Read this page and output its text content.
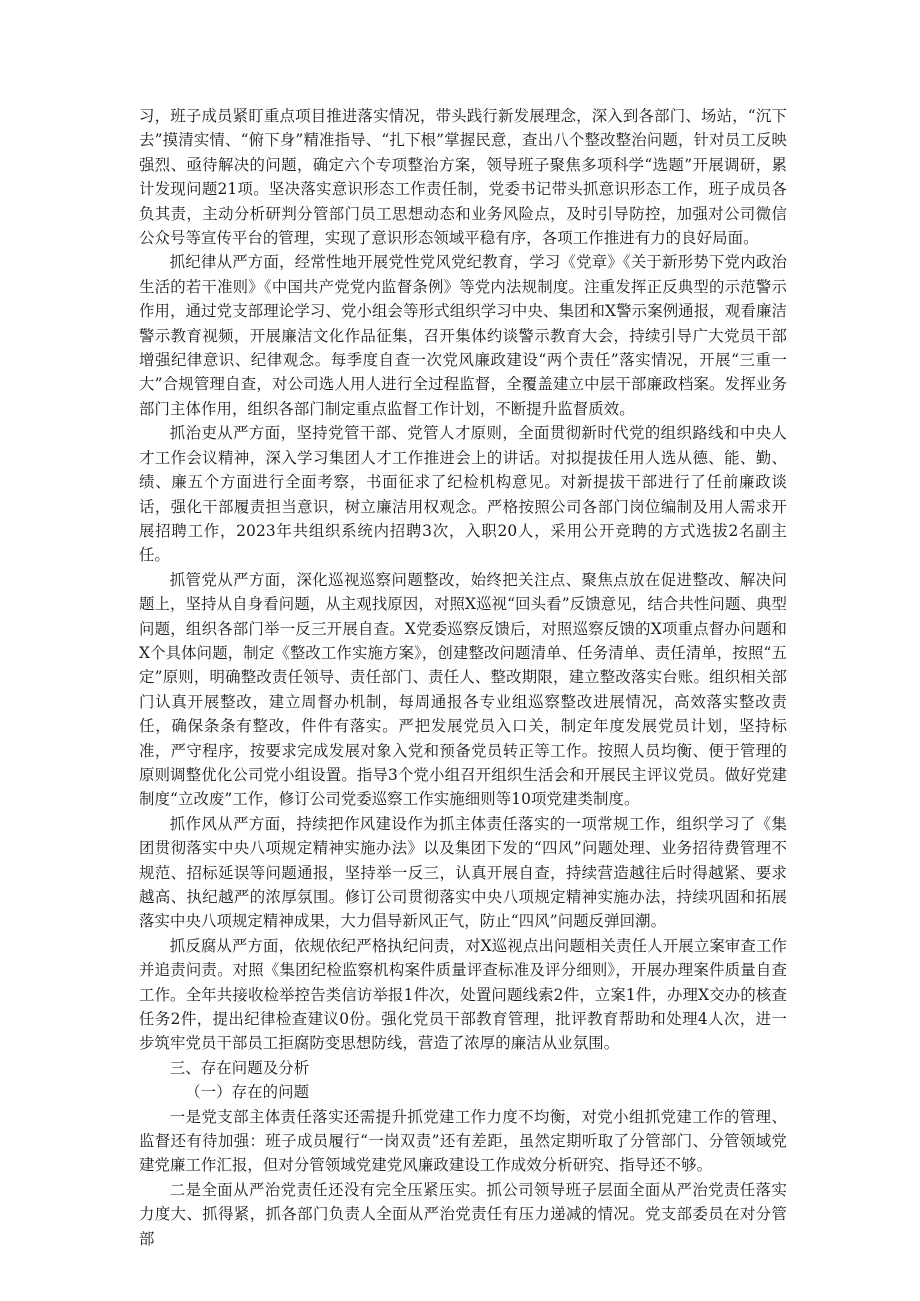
习，班子成员紧盯重点项目推进落实情况，带头践行新发展理念，深入到各部门、场站，“沉下去”摸清实情、“俯下身”精准指导、“扎下根”掌握民意，查出八个整改整治问题，针对员工反映强烈、亟待解决的问题，确定六个专项整治方案，领导班子聚焦多项科学“选题”开展调研，累计发现问题21项。坚决落实意识形态工作责任制，党委书记带头抓意识形态工作，班子成员各负其责，主动分析研判分管部门员工思想动态和业务风险点，及时引导防控，加强对公司微信公众号等宣传平台的管理，实现了意识形态领域平稳有序，各项工作推进有力的良好局面。

抓纪律从严方面，经常性地开展党性党风党纪教育，学习《党章》《关于新形势下党内政治生活的若干准则》《中国共产党党内监督条例》等党内法规制度。注重发挥正反典型的示范警示作用，通过党支部理论学习、党小组会等形式组织学习中央、集团和X警示案例通报，观看廉洁警示教育视频，开展廉洁文化作品征集，召开集体约谈警示教育大会，持续引导广大党员干部增强纪律意识、纪律观念。每季度自查一次党风廉政建设“两个责任”落实情况，开展“三重一大”合规管理自查，对公司选人用人进行全过程监督，全覆盖建立中层干部廉政档案。发挥业务部门主体作用，组织各部门制定重点监督工作计划，不断提升监督质效。

抓治吏从严方面，坚持党管干部、党管人才原则，全面贯彻新时代党的组织路线和中央人才工作会议精神，深入学习集团人才工作推进会上的讲话。对拟提拔任用人选从德、能、勤、绩、廉五个方面进行全面考察，书面征求了纪检机构意见。对新提拔干部进行了任前廉政谈话，强化干部履责担当意识，树立廉洁用权观念。严格按照公司各部门岗位编制及用人需求开展招聘工作，2023年共组织系统内招聘3次，入职20人，采用公开竞聘的方式选拔2名副主任。

抓管党从严方面，深化巡视巡察问题整改，始终把关注点、聚焦点放在促进整改、解决问题上，坚持从自身看问题，从主观找原因，对照X巡视“回头看”反馈意见，结合共性问题、典型问题，组织各部门举一反三开展自查。X党委巡察反馈后，对照巡察反馈的X项重点督办问题和X个具体问题，制定《整改工作实施方案》，创建整改问题清单、任务清单、责任清单，按照“五定”原则，明确整改责任领导、责任部门、责任人、整改期限，建立整改落实台账。组织相关部门认真开展整改，建立周督办机制，每周通报各专业组巡察整改进展情况，高效落实整改责任，确保条条有整改，件件有落实。严把发展党员入口关，制定年度发展党员计划，坚持标准，严守程序，按要求完成发展对象入党和预备党员转正等工作。按照人员均衡、便于管理的原则调整优化公司党小组设置。指导3个党小组召开组织生活会和开展民主评议党员。做好党建制度“立改废”工作，修订公司党委巡察工作实施细则等10项党建类制度。

抓作风从严方面，持续把作风建设作为抓主体责任落实的一项常规工作，组织学习了《集团贯彻落实中央八项规定精神实施办法》以及集团下发的“四风”问题处理、业务招待费管理不规范、招标延误等问题通报，坚持举一反三，认真开展自查，持续营造越往后时得越紧、要求越高、执纪越严的浓厚氛围。修订公司贯彻落实中央八项规定精神实施办法，持续巩固和拓展落实中央八项规定精神成果，大力倡导新风正气，防止“四风”问题反弹回潮。

抓反腐从严方面，依规依纪严格执纪问责，对X巡视点出问题相关责任人开展立案审查工作并追责问责。对照《集团纪检监察机构案件质量评查标准及评分细则》，开展办理案件质量自查工作。全年共接收检举控告类信访举报1件次，处置问题线索2件，立案1件，办理X交办的核查任务2件，提出纪律检查建议0份。强化党员干部教育管理，批评教育帮助和处理4人次，进一步筑牢党员干部员工拒腐防变思想防线，营造了浓厚的廉洁从业氛围。

三、存在问题及分析

（一）存在的问题

一是党支部主体责任落实还需提升抓党建工作力度不均衡，对党小组抓党建工作的管理、监督还有待加强：班子成员履行“一岗双责”还有差距，虽然定期听取了分管部门、分管领域党建党廉工作汇报，但对分管领域党建党风廉政建设工作成效分析研究、指导还不够。

二是全面从严治党责任还没有完全压紧压实。抓公司领导班子层面全面从严治党责任落实力度大、抓得紧，抓各部门负责人全面从严治党责任有压力递减的情况。党支部委员在对分管部
